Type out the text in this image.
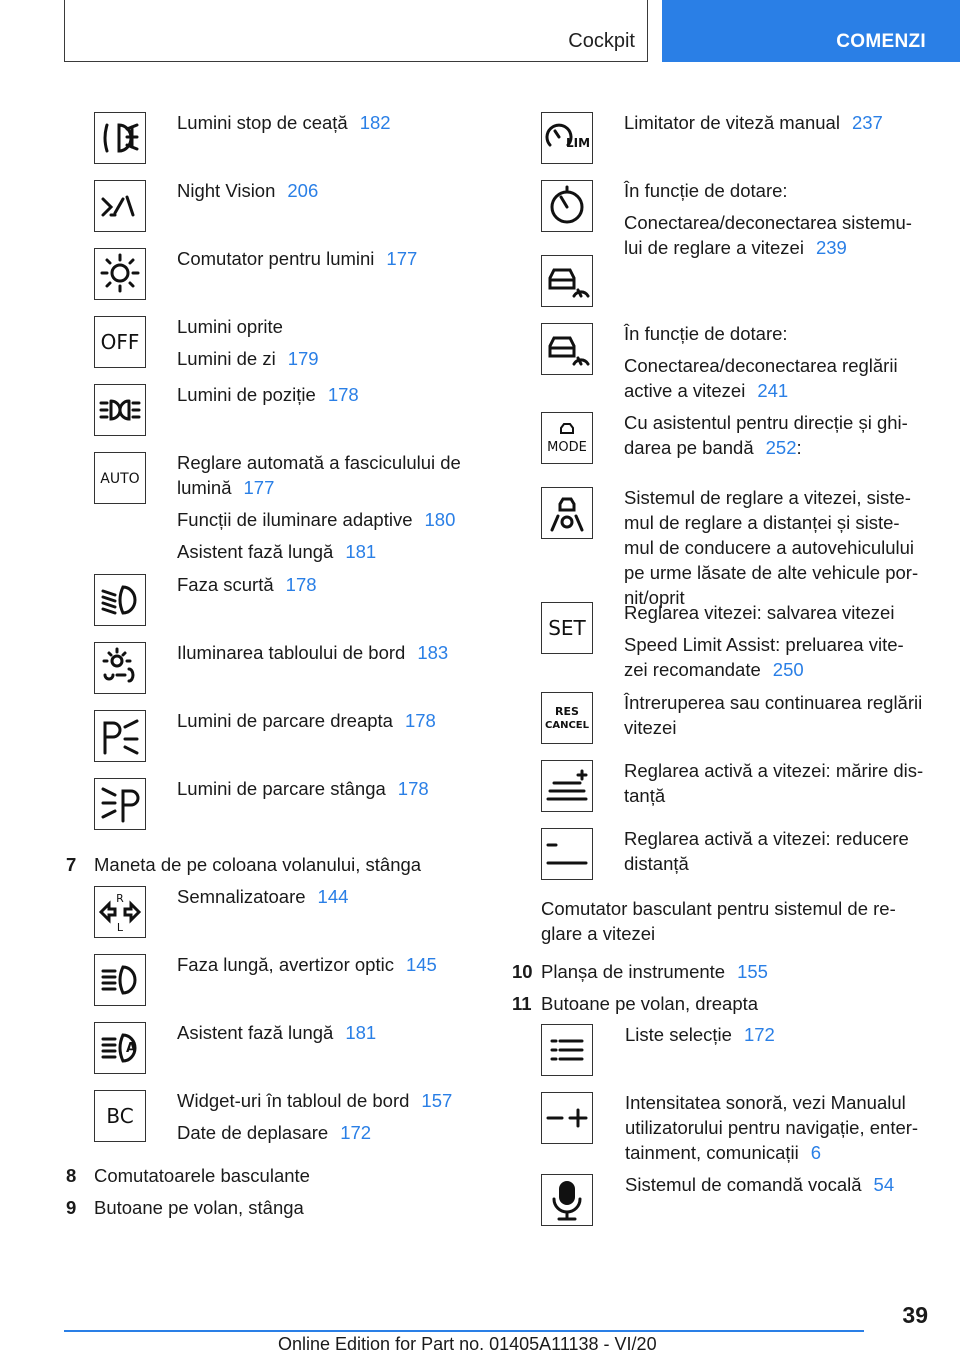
Cockpit	COMENZI
Lumini stop de ceață 182
Night Vision 206
Comutator pentru lumini 177
OFF
Lumini oprite
Lumini de zi 179
Lumini de poziție 178
AUTO
Reglare automată a fasciculului de
lumină 177
Funcții de iluminare adaptive 180
Asistent fază lungă 181
Faza scurtă 178
Iluminarea tabloului de bord 183
Lumini de parcare dreapta 178
Lumini de parcare stânga 178
7 Maneta de pe coloana volanului, stânga
R
L
Semnalizatoare 144
Faza lungă, avertizor optic 145
A
Asistent fază lungă 181
BC
Widget-uri în tabloul de bord 157
Date de deplasare 172
8 Comutatoarele basculante
9 Butoane pe volan, stânga
LIM
Limitator de viteză manual 237
În funcție de dotare:
Conectarea/deconectarea sistemu-
lui de reglare a vitezei 239
În funcție de dotare:
Conectarea/deconectarea reglării
active a vitezei 241
MODE
Cu asistentul pentru direcție și ghi-
darea pe bandă 252:
Sistemul de reglare a vitezei, siste-
mul de reglare a distanței și siste-
mul de conducere a autovehiculului
pe urme lăsate de alte vehicule por-
nit/oprit
SET
Reglarea vitezei: salvarea vitezei
Speed Limit Assist: preluarea vite-
zei recomandate 250
RES
CANCEL
Întreruperea sau continuarea reglării
vitezei
Reglarea activă a vitezei: mărire dis-
tanță
Reglarea activă a vitezei: reducere
distanță
Comutator basculant pentru sistemul de re-
glare a vitezei
10 Planșa de instrumente 155
11 Butoane pe volan, dreapta
Liste selecție 172
Intensitatea sonoră, vezi Manualul
utilizatorului pentru navigație, enter-
tainment, comunicații 6
Sistemul de comandă vocală 54
39
Online Edition for Part no. 01405A11138 - VI/20
